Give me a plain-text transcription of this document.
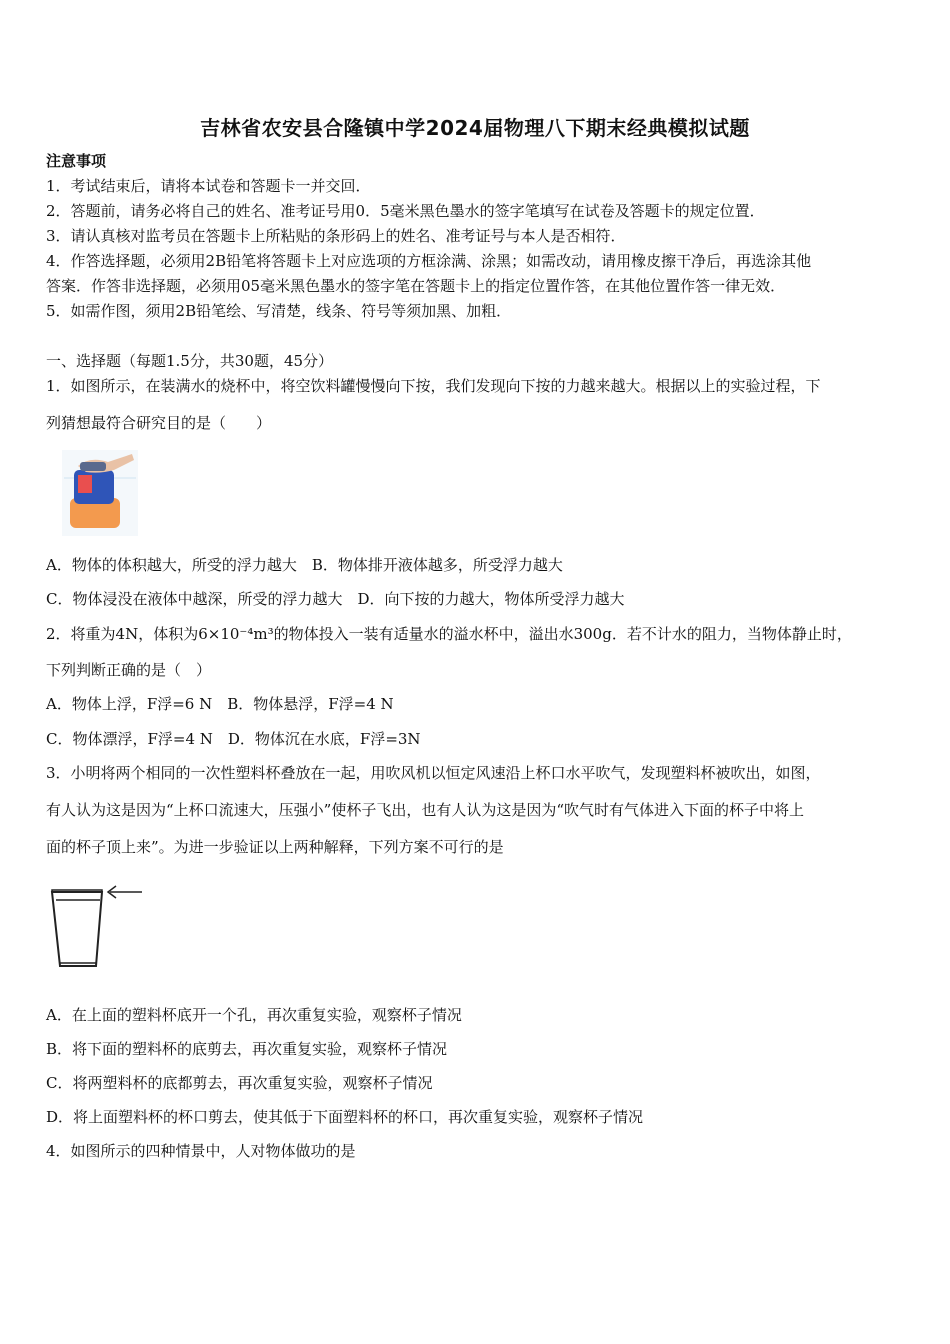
吉林省农安县合隆镇中学2024届物理八下期末经典模拟试题
注意事项
1．考试结束后，请将本试卷和答题卡一并交回．
2．答题前，请务必将自己的姓名、准考证号用0．5毫米黑色墨水的签字笔填写在试卷及答题卡的规定位置．
3．请认真核对监考员在答题卡上所粘贴的条形码上的姓名、准考证号与本人是否相符．
4．作答选择题，必须用2B铅笔将答题卡上对应选项的方框涂满、涂黑；如需改动，请用橡皮擦干净后，再选涂其他
答案．作答非选择题，必须用05毫米黑色墨水的签字笔在答题卡上的指定位置作答，在其他位置作答一律无效．
5．如需作图，须用2B铅笔绘、写清楚，线条、符号等须加黑、加粗．
一、选择题（每题1.5分，共30题，45分）
1．如图所示，在装满水的烧杯中，将空饮料罐慢慢向下按，我们发现向下按的力越来越大。根据以上的实验过程，下
列猜想最符合研究目的是（　　）
A．物体的体积越大，所受的浮力越大　B．物体排开液体越多，所受浮力越大
C．物体浸没在液体中越深，所受的浮力越大　D．向下按的力越大，物体所受浮力越大
2．将重为4N，体积为6×10⁻⁴m³的物体投入一装有适量水的溢水杯中，溢出水300g．若不计水的阻力，当物体静止时，
下列判断正确的是（　）
A．物体上浮，F浮=6 N　B．物体悬浮，F浮=4 N
C．物体漂浮，F浮=4 N　D．物体沉在水底，F浮=3N
3．小明将两个相同的一次性塑料杯叠放在一起，用吹风机以恒定风速沿上杯口水平吹气，发现塑料杯被吹出，如图，
有人认为这是因为“上杯口流速大，压强小”使杯子飞出，也有人认为这是因为“吹气时有气体进入下面的杯子中将上
面的杯子顶上来”。为进一步验证以上两种解释，下列方案不可行的是
A．在上面的塑料杯底开一个孔，再次重复实验，观察杯子情况
B．将下面的塑料杯的底剪去，再次重复实验，观察杯子情况
C．将两塑料杯的底都剪去，再次重复实验，观察杯子情况
D．将上面塑料杯的杯口剪去，使其低于下面塑料杯的杯口，再次重复实验，观察杯子情况
4．如图所示的四种情景中，人对物体做功的是
